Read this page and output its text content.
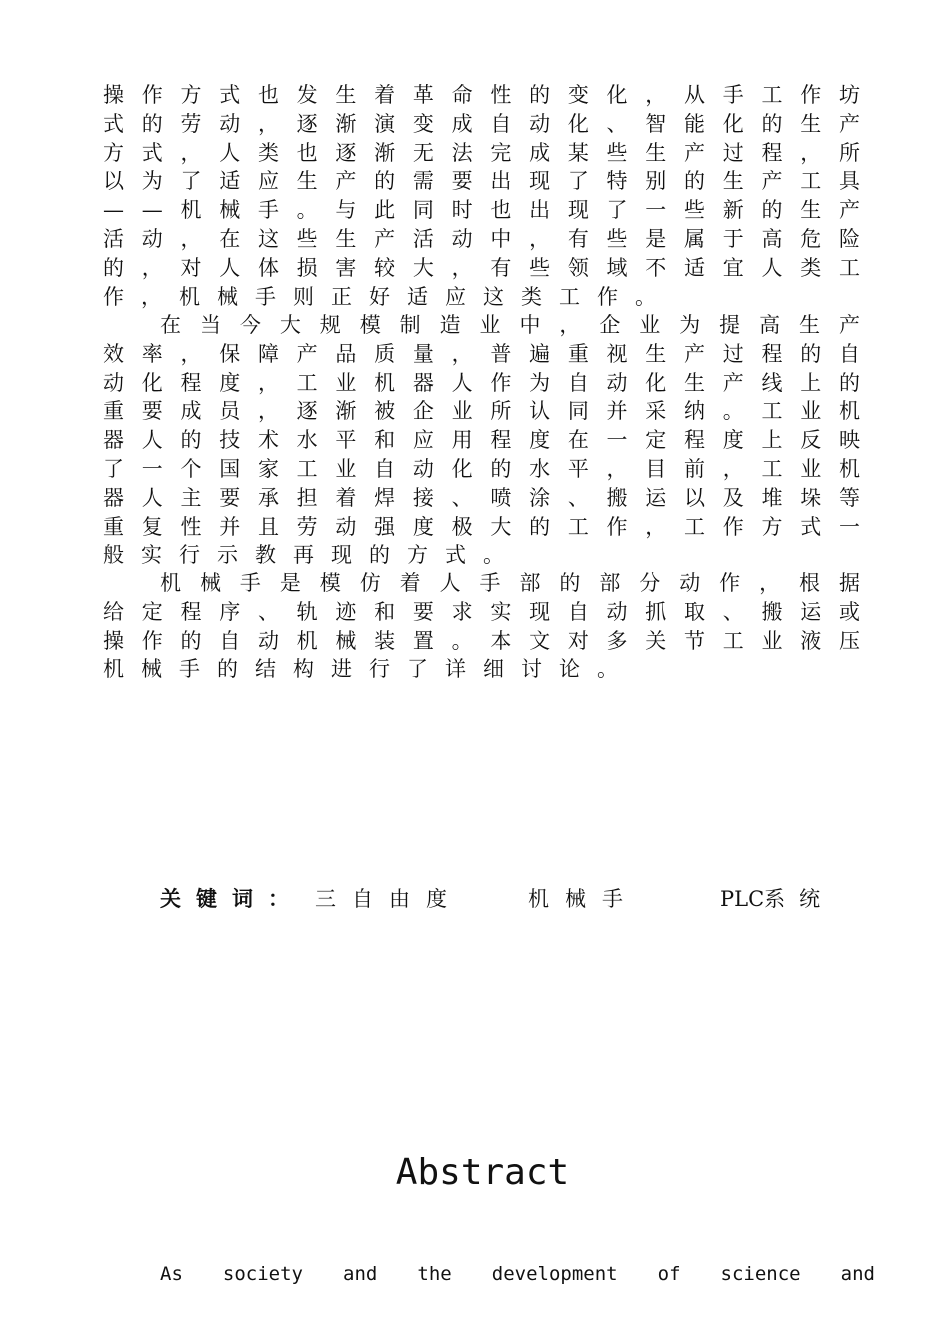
操 作 方 式 也 发 生 着 革 命 性 的 变 化 ， 从 手 工 作 坊
式 的 劳 动 ， 逐 渐 演 变 成 自 动 化 、 智 能 化 的 生 产
方 式 ， 人 类 也 逐 渐 无 法 完 成 某 些 生 产 过 程 ， 所
以 为 了 适 应 生 产 的 需 要 出 现 了 特 别 的 生 产 工 具
— — 机 械 手 。 与 此 同 时 也 出 现 了 一 些 新 的 生 产
活 动 ， 在 这 些 生 产 活 动 中 ， 有 些 是 属 于 高 危 险
的 ， 对 人 体 损 害 较 大 ， 有 些 领 域 不 适 宜 人 类 工
作 ， 机 械 手 则 正 好 适 应 这 类 工 作 。
在 当 今 大 规 模 制 造 业 中 ， 企 业 为 提 高 生 产
效 率 ， 保 障 产 品 质 量 ， 普 遍 重 视 生 产 过 程 的 自
动 化 程 度 ， 工 业 机 器 人 作 为 自 动 化 生 产 线 上 的
重 要 成 员 ， 逐 渐 被 企 业 所 认 同 并 采 纳 。 工 业 机
器 人 的 技 术 水 平 和 应 用 程 度 在 一 定 程 度 上 反 映
了 一 个 国 家 工 业 自 动 化 的 水 平 ， 目 前 ， 工 业 机
器 人 主 要 承 担 着 焊 接 、 喷 涂 、 搬 运 以 及 堆 垛 等
重 复 性 并 且 劳 动 强 度 极 大 的 工 作 ， 工 作 方 式 一
般 实 行 示 教 再 现 的 方 式 。
机 械 手 是 模 仿 着 人 手 部 的 部 分 动 作 ， 根 据
给 定 程 序 、 轨 迹 和 要 求 实 现 自 动 抓 取 、 搬 运 或
操 作 的 自 动 机 械 装 置 。 本 文 对 多 关 节 工 业 液 压
机 械 手 的 结 构 进 行 了 详 细 讨 论 。
关键词： 三自由度	机械手	PLC系统
Abstract
As society and the development of science and
